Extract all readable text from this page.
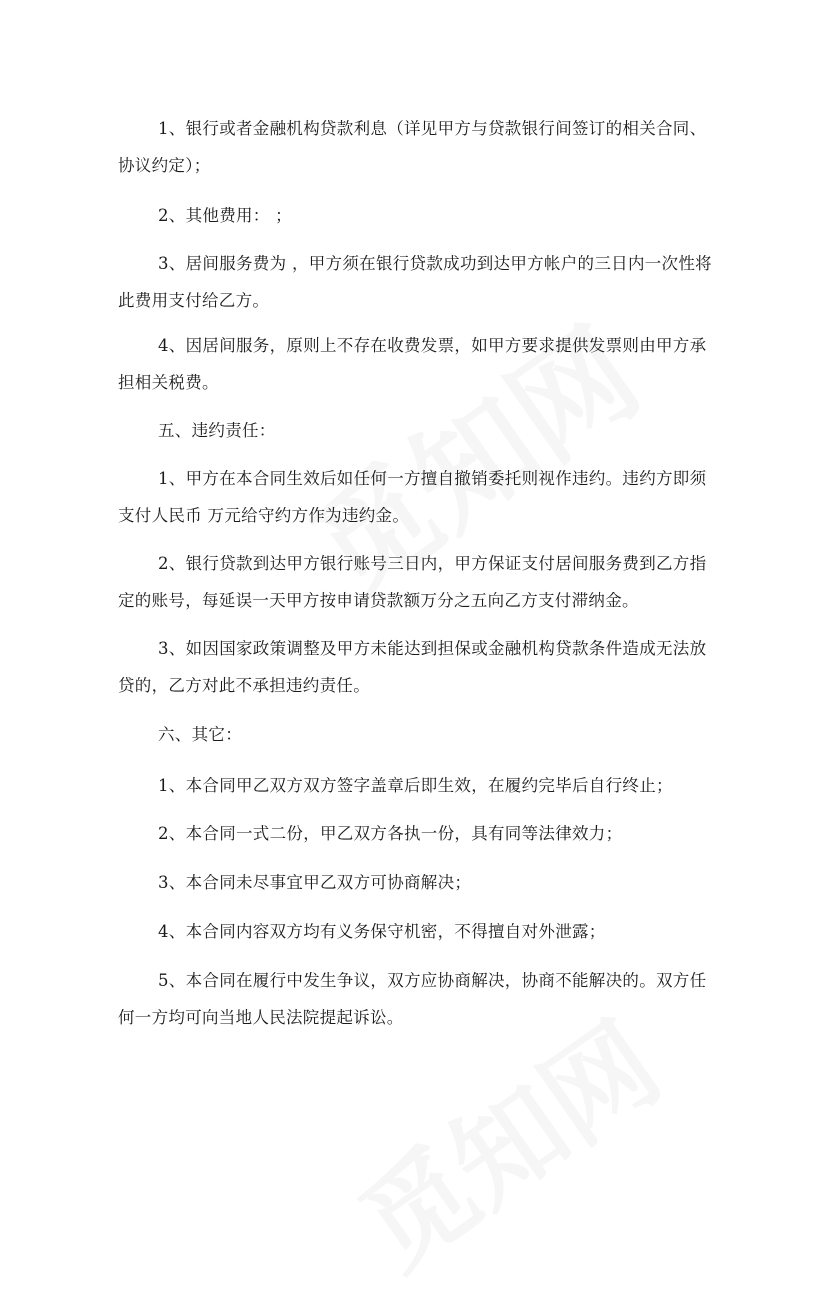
1、银行或者金融机构贷款利息（详见甲方与贷款银行间签订的相关合同、协议约定）；

2、其他费用： ；

3、居间服务费为 ，甲方须在银行贷款成功到达甲方帐户的三日内一次性将此费用支付给乙方。

4、因居间服务，原则上不存在收费发票，如甲方要求提供发票则由甲方承担相关税费。

五、违约责任：

1、甲方在本合同生效后如任何一方擅自撤销委托则视作违约。违约方即须支付人民币 万元给守约方作为违约金。

2、银行贷款到达甲方银行账号三日内，甲方保证支付居间服务费到乙方指定的账号，每延误一天甲方按申请贷款额万分之五向乙方支付滞纳金。

3、如因国家政策调整及甲方未能达到担保或金融机构贷款条件造成无法放贷的，乙方对此不承担违约责任。

六、其它：

1、本合同甲乙双方双方签字盖章后即生效，在履约完毕后自行终止；

2、本合同一式二份，甲乙双方各执一份，具有同等法律效力；

3、本合同未尽事宜甲乙双方可协商解决；

4、本合同内容双方均有义务保守机密，不得擅自对外泄露；

5、本合同在履行中发生争议，双方应协商解决，协商不能解决的。双方任何一方均可向当地人民法院提起诉讼。
